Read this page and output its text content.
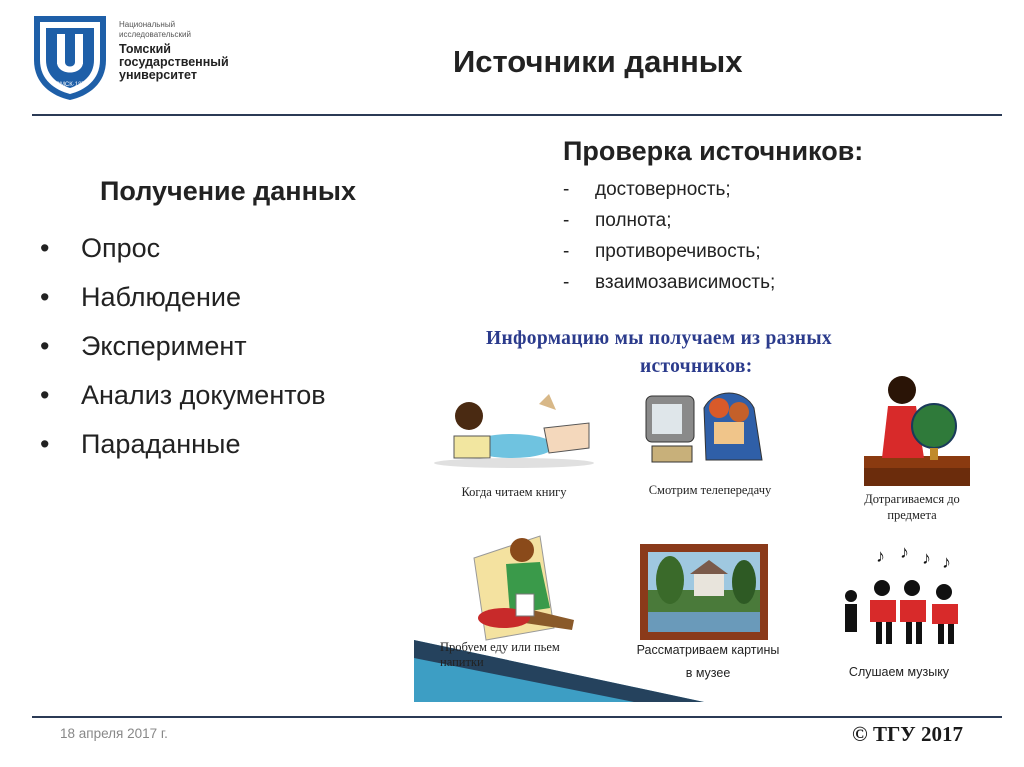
ТОМСК·1878
Национальный исследовательский
Томский
государственный
университет	Источники данных
Получение данных
• Опрос
• Наблюдение
• Эксперимент
• Анализ документов
• Параданные
Проверка источников:
- достоверность;
- полнота;
- противоречивость;
- взаимозависимость;
♪ ♪ ♪ ♪
Информацию мы получаем из разных
источников:
Когда читаем книгу	Смотрим телепередачу
Дотрагиваемся до
предмета
Пробуем еду или пьем
напитки
Рассматриваем картины
в музее	Слушаем музыку
18 апреля 2017 г.	© ТГУ 2017
